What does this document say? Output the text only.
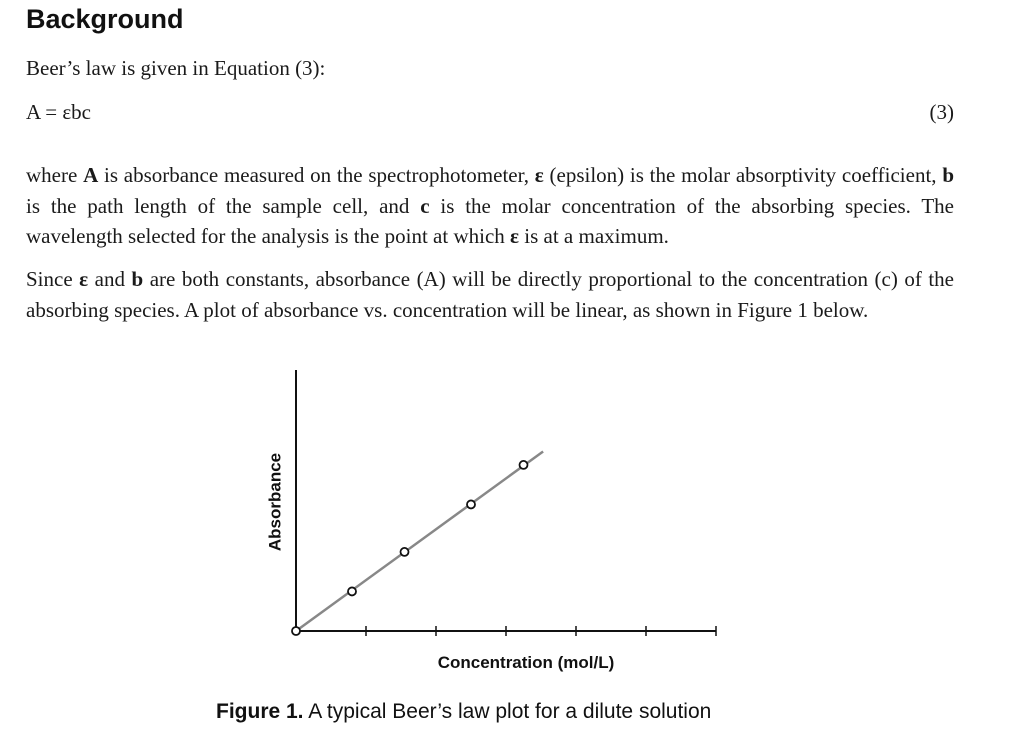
Background

Beer’s law is given in Equation (3):

A = εbc	(3)

where A is absorbance measured on the spectrophotometer, ε (epsilon) is the molar absorptivity coefficient, b is the path length of the sample cell, and c is the molar concentration of the absorbing species. The wavelength selected for the analysis is the point at which ε is at a maximum.

Since ε and b are both constants, absorbance (A) will be directly proportional to the concentration (c) of the absorbing species. A plot of absorbance vs. concentration will be linear, as shown in Figure 1 below.

Concentration (mol/L)
Absorbance
Figure 1. A typical Beer’s law plot for a dilute solution
